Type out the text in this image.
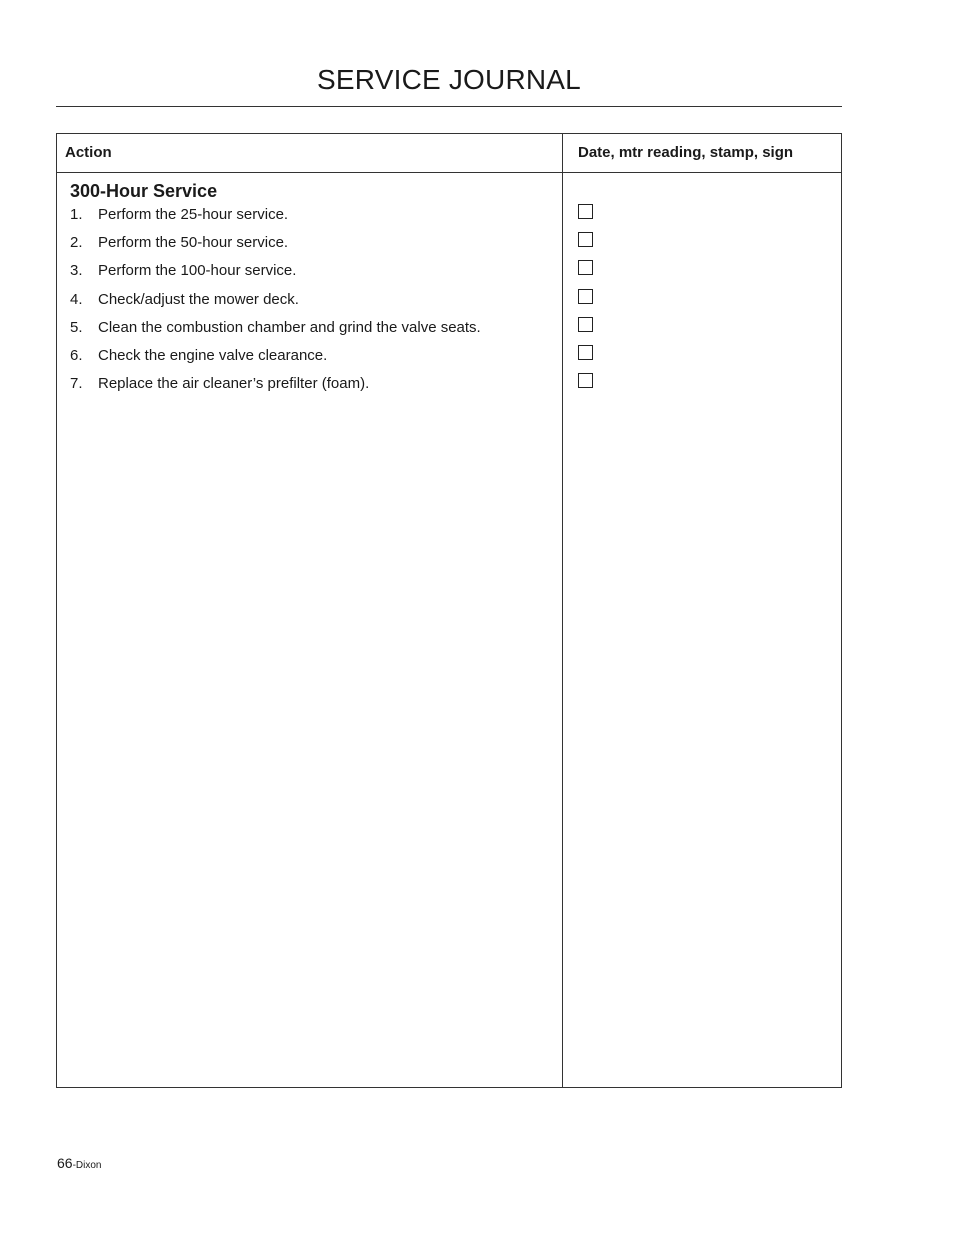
SERVICE JOURNAL
Action	Date, mtr reading, stamp, sign
300-Hour Service
1.	Perform the 25-hour service.
2.	Perform the 50-hour service.
3.	Perform the 100-hour service.
4.	Check/adjust the mower deck.
5.	Clean the combustion chamber and grind the valve seats.
6.	Check the engine valve clearance.
7.	Replace the air cleaner’s prefilter (foam).
66-Dixon
